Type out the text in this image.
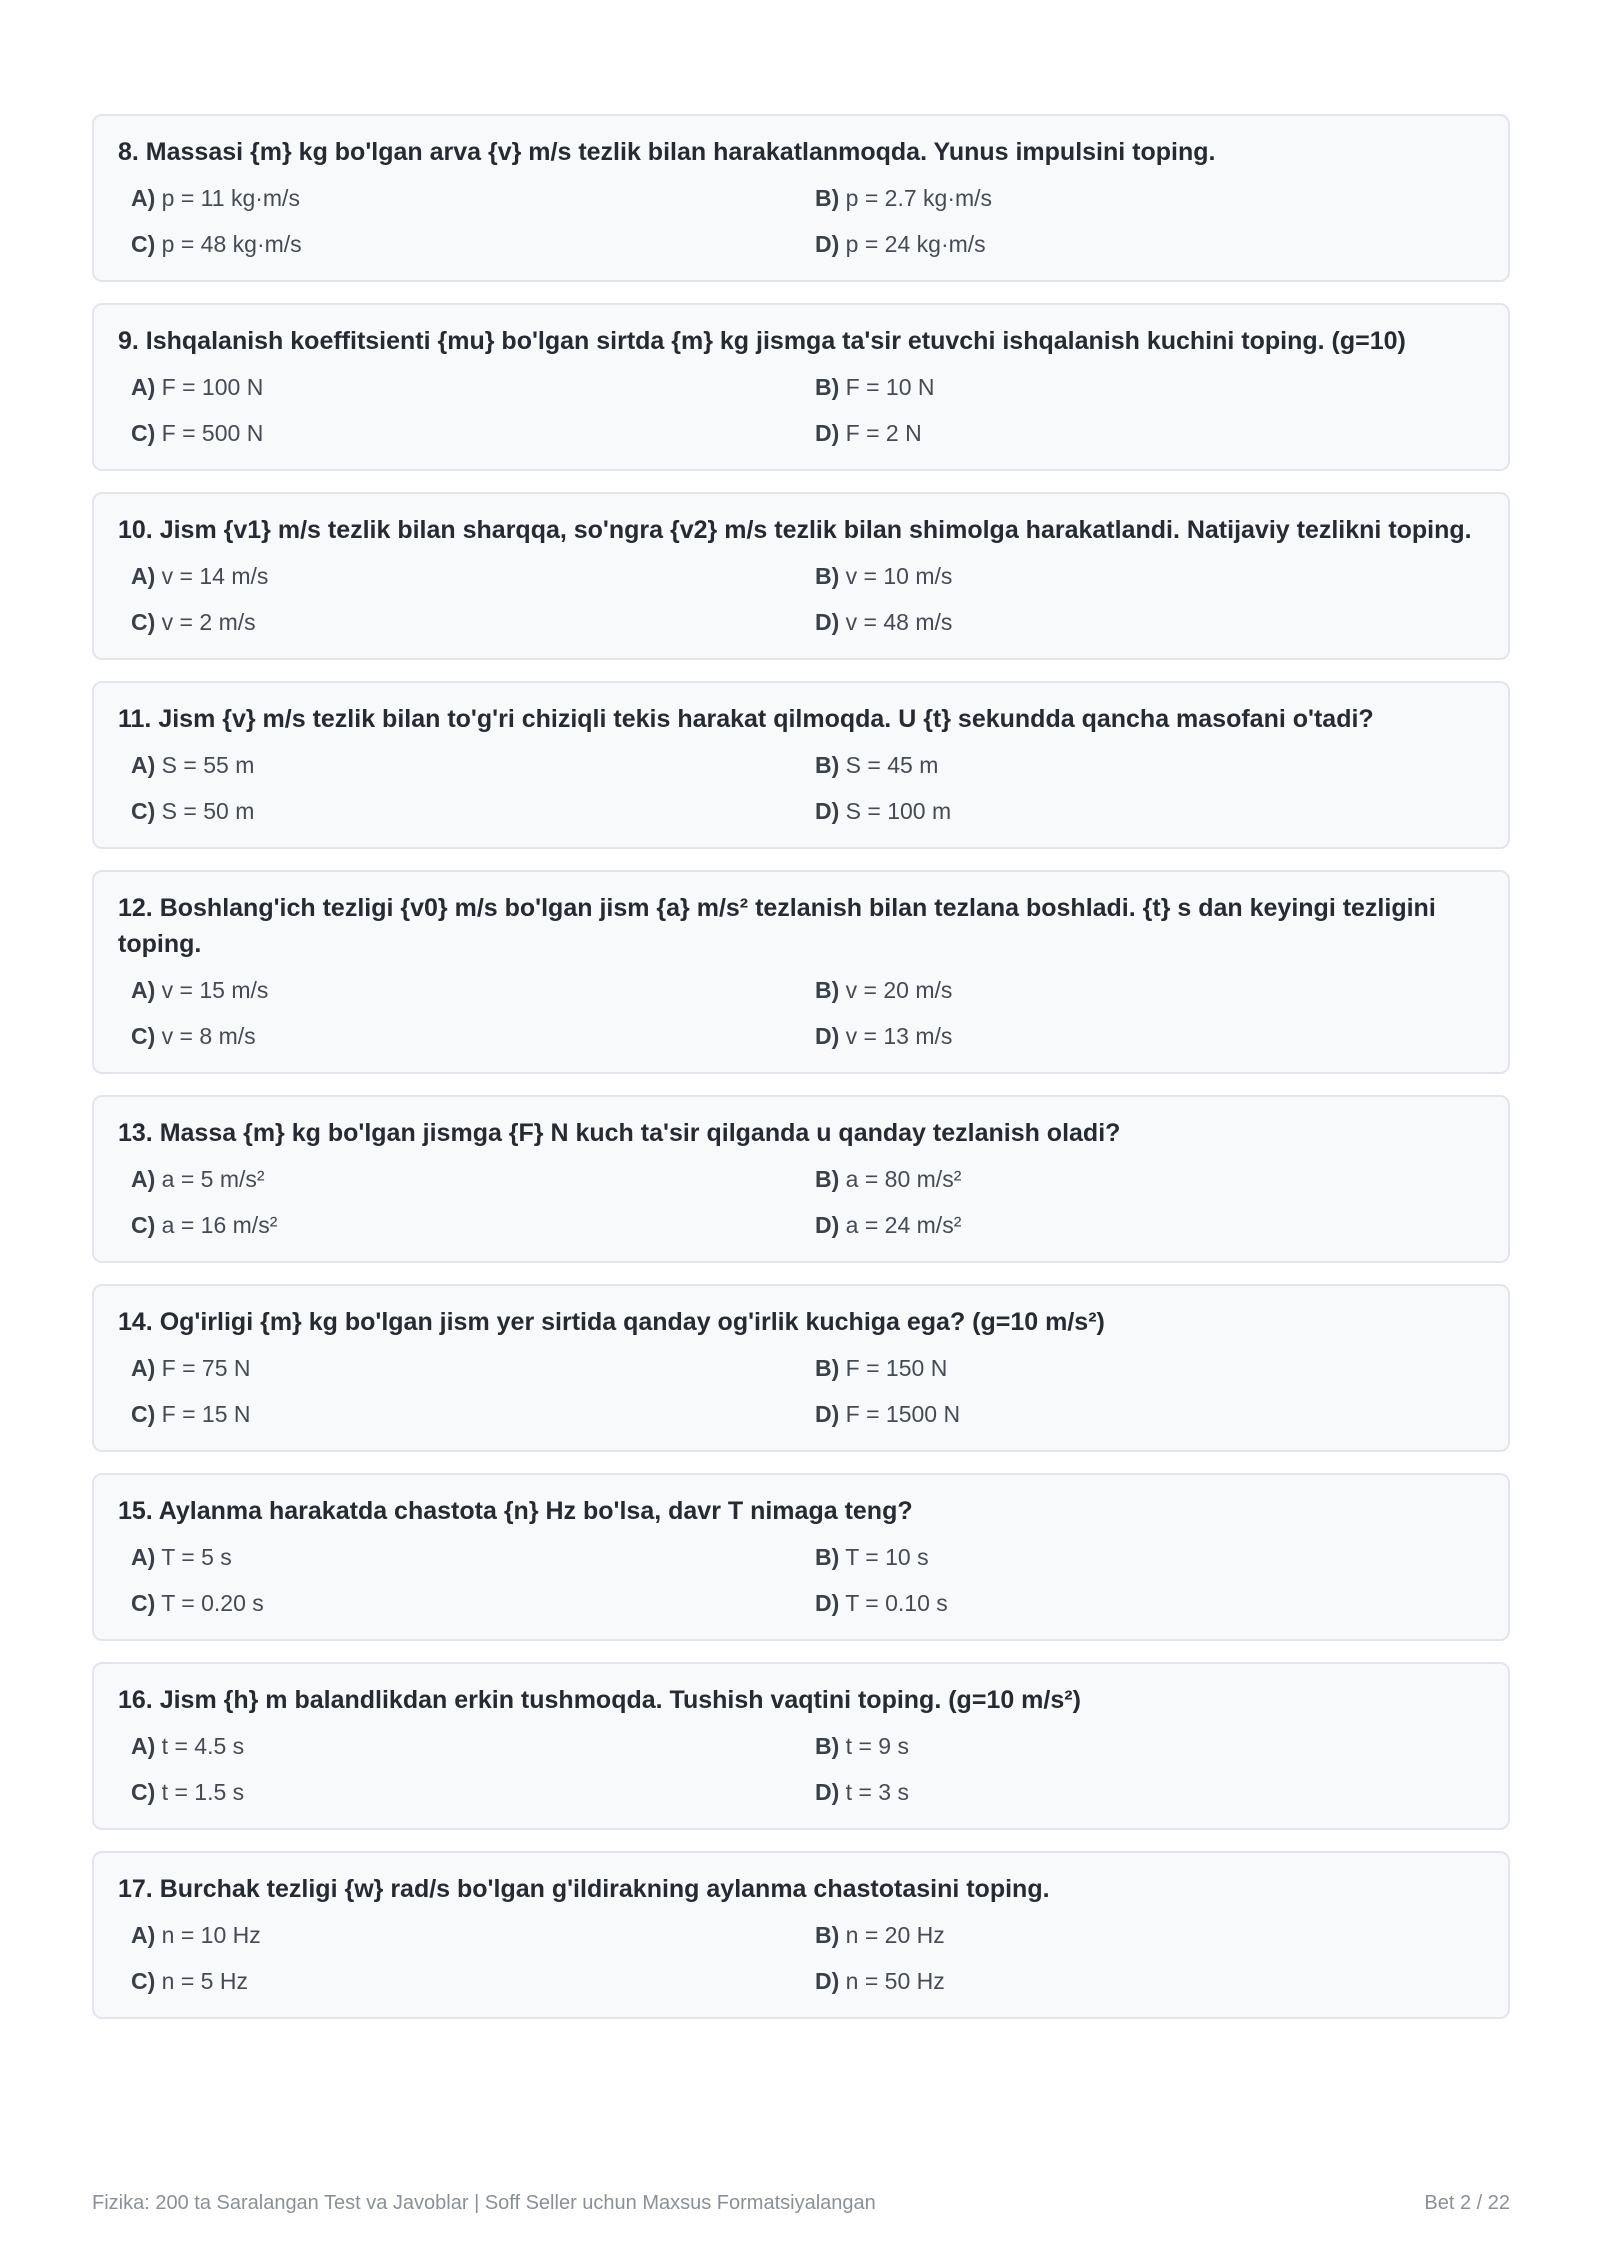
8. Massasi {m} kg bo'lgan arva {v} m/s tezlik bilan harakatlanmoqda. Yunus impulsini toping.
A) p = 11 kg·m/s	B) p = 2.7 kg·m/s
C) p = 48 kg·m/s	D) p = 24 kg·m/s
9. Ishqalanish koeffitsienti {mu} bo'lgan sirtda {m} kg jismga ta'sir etuvchi ishqalanish kuchini toping. (g=10)
A) F = 100 N	B) F = 10 N
C) F = 500 N	D) F = 2 N
10. Jism {v1} m/s tezlik bilan sharqqa, so'ngra {v2} m/s tezlik bilan shimolga harakatlandi. Natijaviy tezlikni toping.
A) v = 14 m/s	B) v = 10 m/s
C) v = 2 m/s	D) v = 48 m/s
11. Jism {v} m/s tezlik bilan to'g'ri chiziqli tekis harakat qilmoqda. U {t} sekundda qancha masofani o'tadi?
A) S = 55 m	B) S = 45 m
C) S = 50 m	D) S = 100 m
12. Boshlang'ich tezligi {v0} m/s bo'lgan jism {a} m/s² tezlanish bilan tezlana boshladi. {t} s dan keyingi tezligini toping.
A) v = 15 m/s	B) v = 20 m/s
C) v = 8 m/s	D) v = 13 m/s
13. Massa {m} kg bo'lgan jismga {F} N kuch ta'sir qilganda u qanday tezlanish oladi?
A) a = 5 m/s²	B) a = 80 m/s²
C) a = 16 m/s²	D) a = 24 m/s²
14. Og'irligi {m} kg bo'lgan jism yer sirtida qanday og'irlik kuchiga ega? (g=10 m/s²)
A) F = 75 N	B) F = 150 N
C) F = 15 N	D) F = 1500 N
15. Aylanma harakatda chastota {n} Hz bo'lsa, davr T nimaga teng?
A) T = 5 s	B) T = 10 s
C) T = 0.20 s	D) T = 0.10 s
16. Jism {h} m balandlikdan erkin tushmoqda. Tushish vaqtini toping. (g=10 m/s²)
A) t = 4.5 s	B) t = 9 s
C) t = 1.5 s	D) t = 3 s
17. Burchak tezligi {w} rad/s bo'lgan g'ildirakning aylanma chastotasini toping.
A) n = 10 Hz	B) n = 20 Hz
C) n = 5 Hz	D) n = 50 Hz
Fizika: 200 ta Saralangan Test va Javoblar | Soff Seller uchun Maxsus Formatsiyalangan	Bet 2 / 22
